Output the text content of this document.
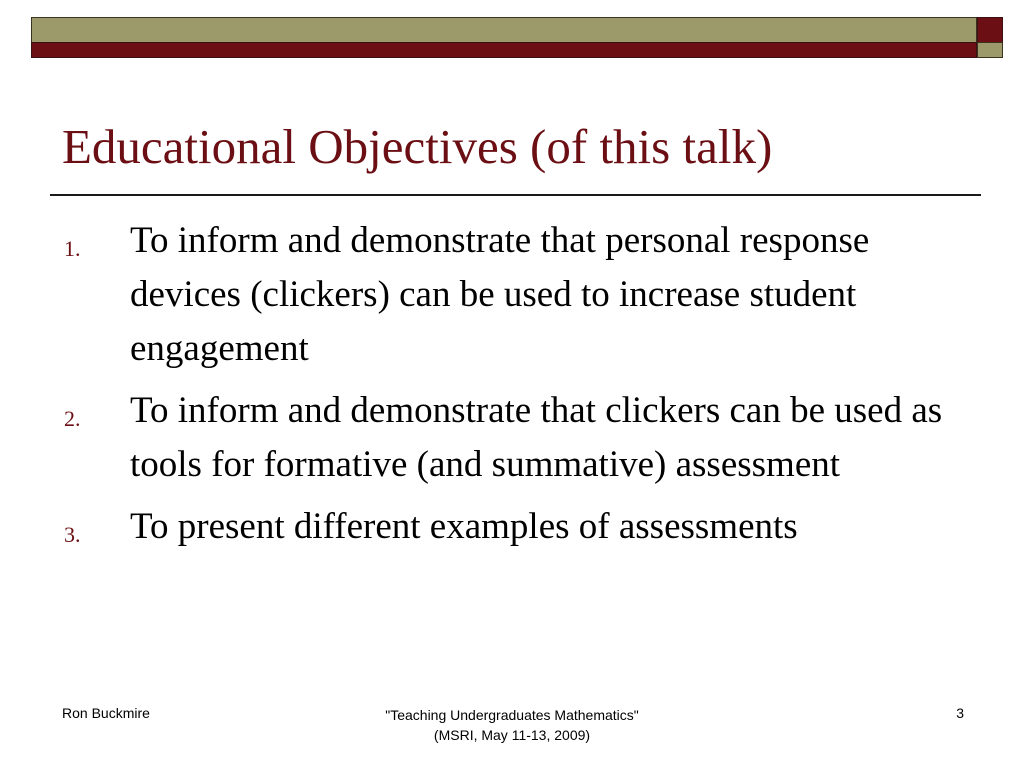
Educational Objectives (of this talk)
1. To inform and demonstrate that personal response devices (clickers) can be used to increase student engagement
2. To inform and demonstrate that clickers can be used as tools for formative (and summative) assessment
3. To present different examples of assessments
Ron Buckmire	"Teaching Undergraduates Mathematics"
(MSRI, May 11-13, 2009)
3
